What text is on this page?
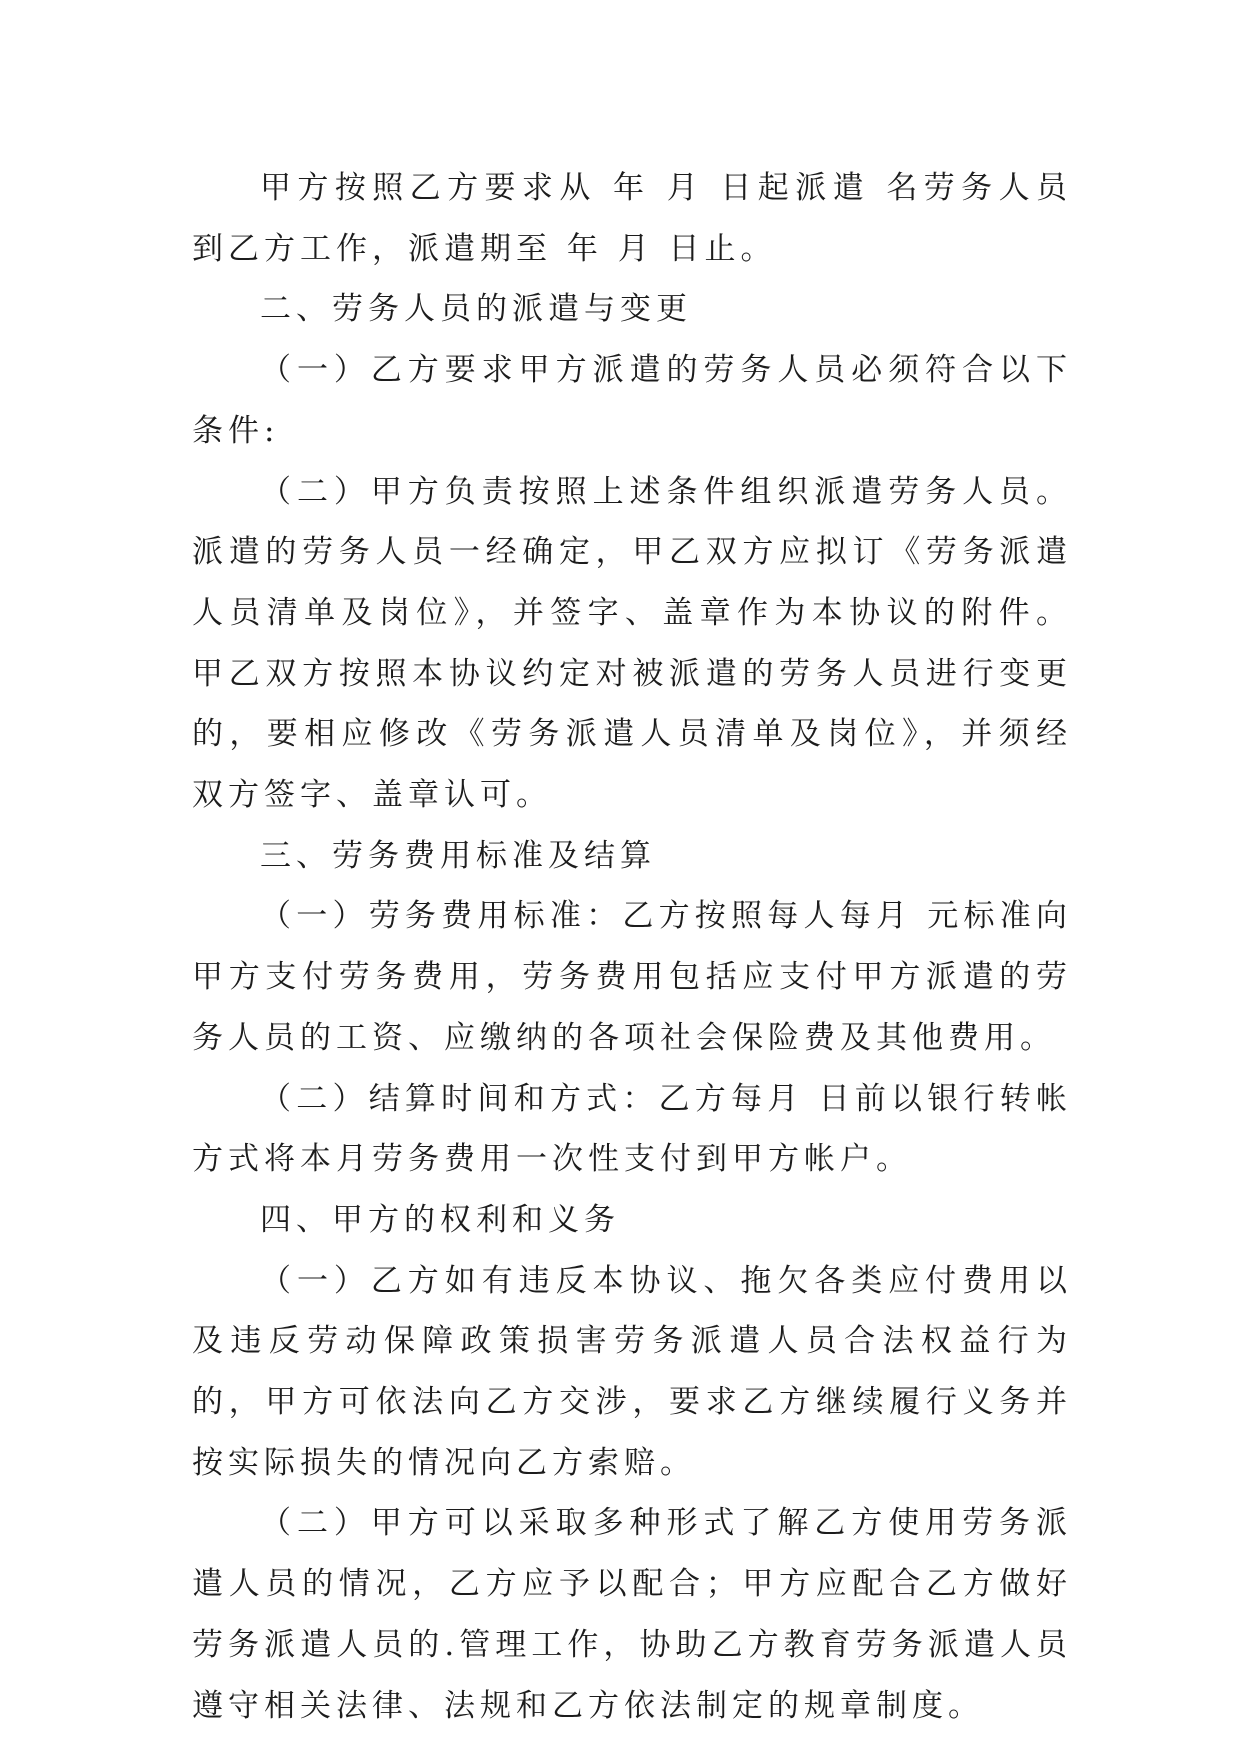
甲方按照乙方要求从 年 月 日起派遣 名劳务人员到乙方工作，派遣期至 年 月 日止。

二、劳务人员的派遣与变更

（一）乙方要求甲方派遣的劳务人员必须符合以下条件:

（二）甲方负责按照上述条件组织派遣劳务人员。派遣的劳务人员一经确定，甲乙双方应拟订《劳务派遣人员清单及岗位》，并签字、盖章作为本协议的附件。甲乙双方按照本协议约定对被派遣的劳务人员进行变更的，要相应修改《劳务派遣人员清单及岗位》，并须经双方签字、盖章认可。

三、劳务费用标准及结算

（一）劳务费用标准：乙方按照每人每月 元标准向甲方支付劳务费用，劳务费用包括应支付甲方派遣的劳务人员的工资、应缴纳的各项社会保险费及其他费用。

（二）结算时间和方式：乙方每月 日前以银行转帐方式将本月劳务费用一次性支付到甲方帐户。

四、甲方的权利和义务

（一）乙方如有违反本协议、拖欠各类应付费用以及违反劳动保障政策损害劳务派遣人员合法权益行为的，甲方可依法向乙方交涉，要求乙方继续履行义务并按实际损失的情况向乙方索赔。

（二）甲方可以采取多种形式了解乙方使用劳务派遣人员的情况，乙方应予以配合；甲方应配合乙方做好劳务派遣人员的.管理工作，协助乙方教育劳务派遣人员遵守相关法律、法规和乙方依法制定的规章制度。
